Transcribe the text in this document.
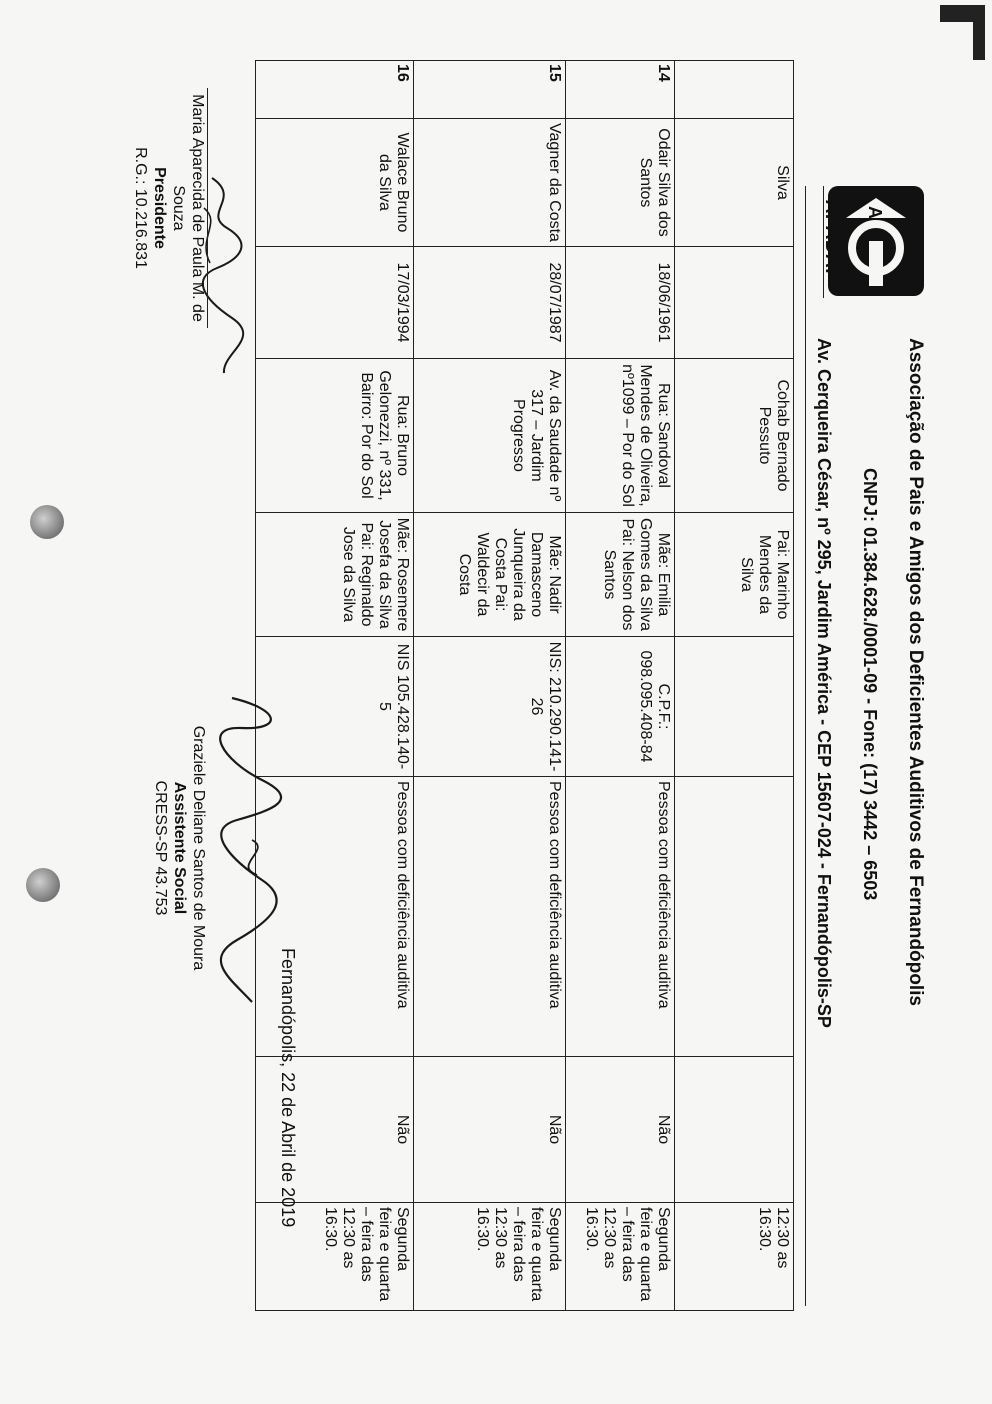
A
APADAF

Associação de Pais e Amigos dos Deficientes Auditivos de Fernandópolis

CNPJ: 01.384.628./0001-09 - Fone: (17) 3442 – 6503

Av. Cerqueira César, nº 295, Jardim América - CEP 15607-024 - Fernandópolis-SP

	Silva		Cohab Bernado Pessuto	Pai: Marinho Mendes da Silva				12:30 as 16:30.
14	Odair Silva dos Santos	18/06/1961	Rua: Sandoval Mendes de Oliveira, nº1099 – Por do Sol	Mãe: Emilia Gomes da Silva Pai: Nelson dos Santos	C.P.F.: 098.095.408-84	Pessoa com deficiência auditiva	Não	Segunda feira e quarta – feira das 12:30 as 16:30.
15	Vagner da Costa	28/07/1987	Av. da Saudade nº 317 – Jardim Progresso	Mãe: Nadir Damasceno Junqueira da Costa Pai: Waldecir da Costa	NIS: 210.290.141-26	Pessoa com deficiência auditiva	Não	Segunda feira e quarta – feira das 12:30 as 16:30.
16	Walace Bruno da Silva	17/03/1994	Rua: Bruno Gelonezzi, nº 331, Bairro: Por do Sol	Mãe: Rosemere Josefa da Silva Pai: Reginaldo Jose da Silva	NIS 105.428.140-5	Pessoa com deficiência auditiva	Não	Segunda feira e quarta – feira das 12:30 as 16:30.
Fernandópolis, 22 de Abril de 2019
Maria Aparecida de Paula M. de Souza
Presidente
R.G.: 10.216.831
Graziele Deliane Santos de Moura
Assistente Social
CRESS-SP 43.753
